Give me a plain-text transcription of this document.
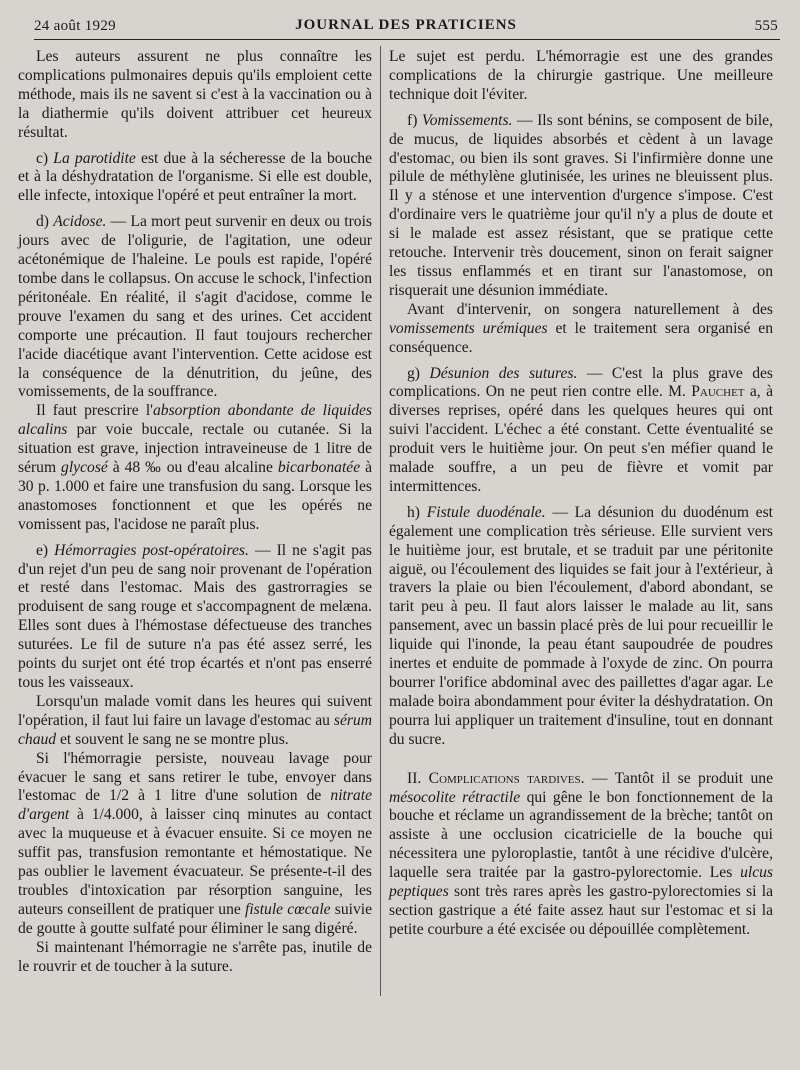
24 août 1929	JOURNAL DES PRATICIENS	555

Les auteurs assurent ne plus connaître les complications pulmonaires depuis qu'ils emploient cette méthode, mais ils ne savent si c'est à la vaccination ou à la diathermie qu'ils doivent attribuer cet heureux résultat.

c) La parotidite est due à la sécheresse de la bouche et à la déshydratation de l'organisme. Si elle est double, elle infecte, intoxique l'opéré et peut entraîner la mort.

d) Acidose. — La mort peut survenir en deux ou trois jours avec de l'oligurie, de l'agitation, une odeur acétonémique de l'haleine. Le pouls est rapide, l'opéré tombe dans le collapsus. On accuse le schock, l'infection péritonéale. En réalité, il s'agit d'acidose, comme le prouve l'examen du sang et des urines. Cet accident comporte une précaution. Il faut toujours rechercher l'acide diacétique avant l'intervention. Cette acidose est la conséquence de la dénutrition, du jeûne, des vomissements, de la souffrance.

Il faut prescrire l'absorption abondante de liquides alcalins par voie buccale, rectale ou cutanée. Si la situation est grave, injection intraveineuse de 1 litre de sérum glycosé à 48 ‰ ou d'eau alcaline bicarbonatée à 30 p. 1.000 et faire une transfusion du sang. Lorsque les anastomoses fonctionnent et que les opérés ne vomissent pas, l'acidose ne paraît plus.

e) Hémorragies post-opératoires. — Il ne s'agit pas d'un rejet d'un peu de sang noir provenant de l'opération et resté dans l'estomac. Mais des gastrorragies se produisent de sang rouge et s'accompagnent de melæna. Elles sont dues à l'hémostase défectueuse des tranches suturées. Le fil de suture n'a pas été assez serré, les points du surjet ont été trop écartés et n'ont pas enserré tous les vaisseaux.

Lorsqu'un malade vomit dans les heures qui suivent l'opération, il faut lui faire un lavage d'estomac au sérum chaud et souvent le sang ne se montre plus.

Si l'hémorragie persiste, nouveau lavage pour évacuer le sang et sans retirer le tube, envoyer dans l'estomac de 1/2 à 1 litre d'une solution de nitrate d'argent à 1/4.000, à laisser cinq minutes au contact avec la muqueuse et à évacuer ensuite. Si ce moyen ne suffit pas, transfusion remontante et hémostatique. Ne pas oublier le lavement évacuateur. Se présente-t-il des troubles d'intoxication par résorption sanguine, les auteurs conseillent de pratiquer une fistule cœcale suivie de goutte à goutte sulfaté pour éliminer le sang digéré.

Si maintenant l'hémorragie ne s'arrête pas, inutile de le rouvrir et de toucher à la suture.

Le sujet est perdu. L'hémorragie est une des grandes complications de la chirurgie gastrique. Une meilleure technique doit l'éviter.

f) Vomissements. — Ils sont bénins, se composent de bile, de mucus, de liquides absorbés et cèdent à un lavage d'estomac, ou bien ils sont graves. Si l'infirmière donne une pilule de méthylène glutinisée, les urines ne bleuissent plus. Il y a sténose et une intervention d'urgence s'impose. C'est d'ordinaire vers le quatrième jour qu'il n'y a plus de doute et si le malade est assez résistant, que se pratique cette retouche. Intervenir très doucement, sinon on ferait saigner les tissus enflammés et en tirant sur l'anastomose, on risquerait une désunion immédiate.

Avant d'intervenir, on songera naturellement à des vomissements urémiques et le traitement sera organisé en conséquence.

g) Désunion des sutures. — C'est la plus grave des complications. On ne peut rien contre elle. M. Pauchet a, à diverses reprises, opéré dans les quelques heures qui ont suivi l'accident. L'échec a été constant. Cette éventualité se produit vers le huitième jour. On peut s'en méfier quand le malade souffre, a un peu de fièvre et vomit par intermittences.

h) Fistule duodénale. — La désunion du duodénum est également une complication très sérieuse. Elle survient vers le huitième jour, est brutale, et se traduit par une péritonite aiguë, ou l'écoulement des liquides se fait jour à l'extérieur, à travers la plaie ou bien l'écoulement, d'abord abondant, se tarit peu à peu. Il faut alors laisser le malade au lit, sans pansement, avec un bassin placé près de lui pour recueillir le liquide qui l'inonde, la peau étant saupoudrée de poudres inertes et enduite de pommade à l'oxyde de zinc. On pourra bourrer l'orifice abdominal avec des paillettes d'agar agar. Le malade boira abondamment pour éviter la déshydratation. On pourra lui appliquer un traitement d'insuline, tout en donnant du sucre.

II. Complications tardives. — Tantôt il se produit une mésocolite rétractile qui gêne le bon fonctionnement de la bouche et réclame un agrandissement de la brèche; tantôt on assiste à une occlusion cicatricielle de la bouche qui nécessitera une pyloroplastie, tantôt à une récidive d'ulcère, laquelle sera traitée par la gastro-pylorectomie. Les ulcus peptiques sont très rares après les gastro-pylorectomies si la section gastrique a été faite assez haut sur l'estomac et si la petite courbure a été excisée ou dépouillée complètement.
